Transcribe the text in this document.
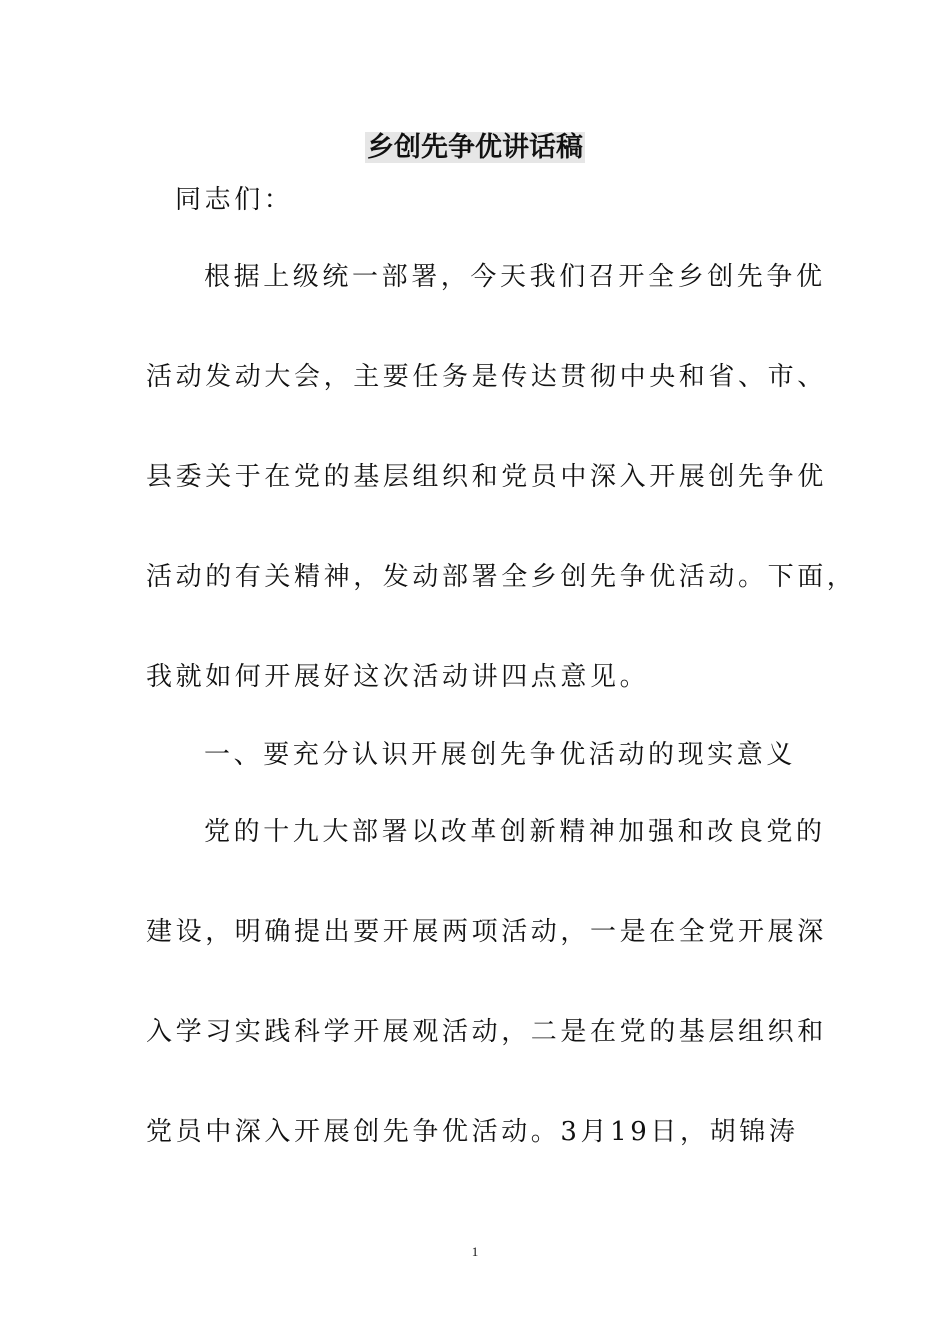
乡创先争优讲话稿
同志们：
根据上级统一部署，今天我们召开全乡创先争优
活动发动大会，主要任务是传达贯彻中央和省、市、
县委关于在党的基层组织和党员中深入开展创先争优
活动的有关精神，发动部署全乡创先争优活动。下面，
我就如何开展好这次活动讲四点意见。
一、要充分认识开展创先争优活动的现实意义
党的十九大部署以改革创新精神加强和改良党的
建设，明确提出要开展两项活动，一是在全党开展深
入学习实践科学开展观活动，二是在党的基层组织和
党员中深入开展创先争优活动。3月19日，胡锦涛
1
